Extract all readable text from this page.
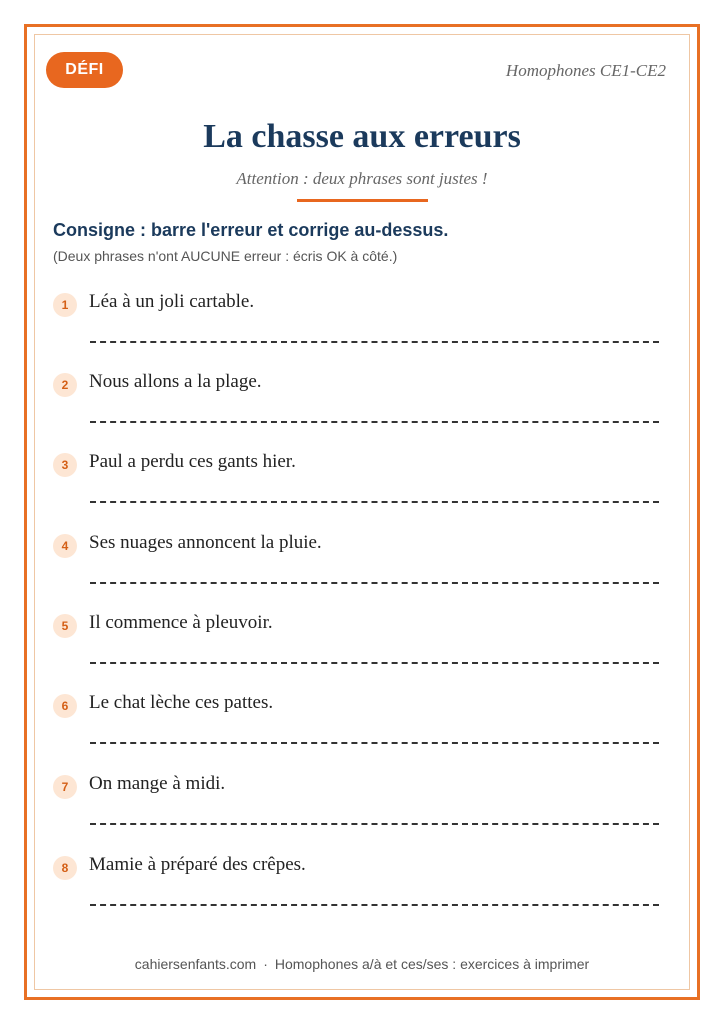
DÉFI	Homophones CE1-CE2
La chasse aux erreurs
Attention : deux phrases sont justes !
Consigne : barre l'erreur et corrige au-dessus.
(Deux phrases n'ont AUCUNE erreur : écris OK à côté.)
1	Léa à un joli cartable.
2	Nous allons a la plage.
3	Paul a perdu ces gants hier.
4	Ses nuages annoncent la pluie.
5	Il commence à pleuvoir.
6	Le chat lèche ces pattes.
7	On mange à midi.
8	Mamie à préparé des crêpes.
cahiersenfants.com · Homophones a/à et ces/ses : exercices à imprimer
